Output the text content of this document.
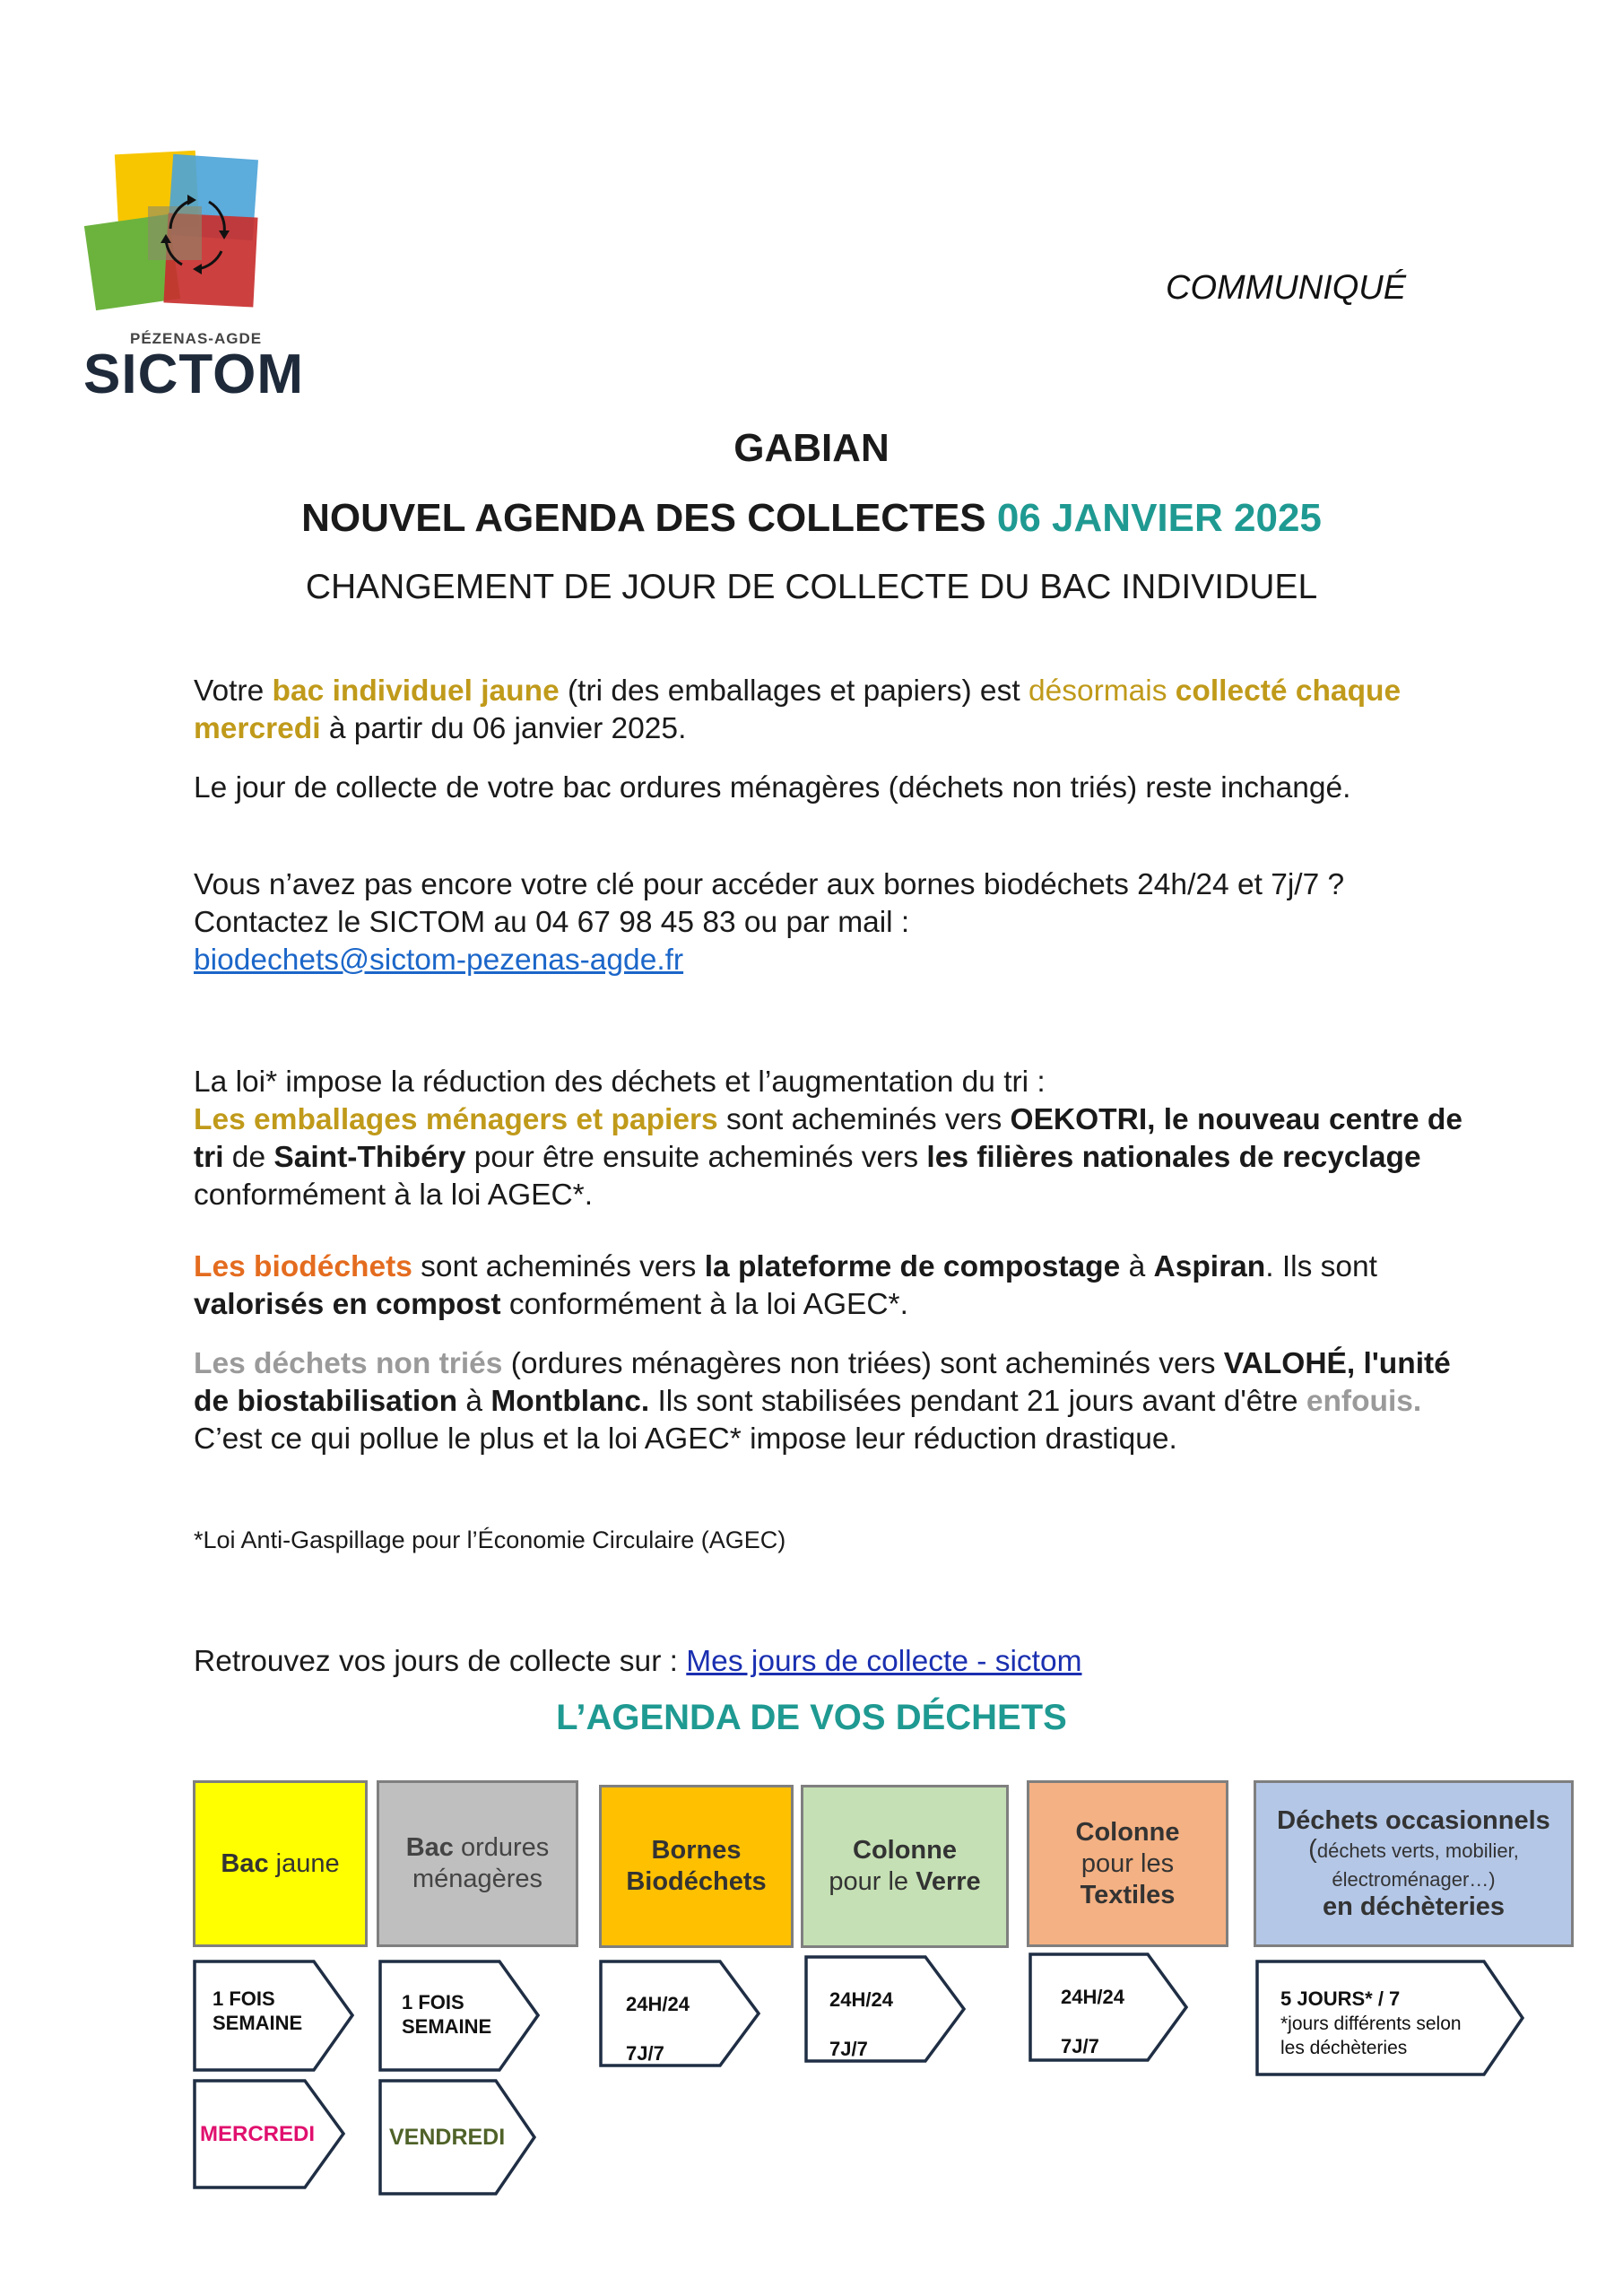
PÉZENAS-AGDE
SICTOM
COMMUNIQUÉ
GABIAN
NOUVEL AGENDA DES COLLECTES 06 JANVIER 2025
CHANGEMENT DE JOUR DE COLLECTE DU BAC INDIVIDUEL
Votre bac individuel jaune (tri des emballages et papiers) est désormais collecté chaque mercredi à partir du 06 janvier 2025.
Le jour de collecte de votre bac ordures ménagères (déchets non triés) reste inchangé.
Vous n’avez pas encore votre clé pour accéder aux bornes biodéchets 24h/24 et 7j/7 ? Contactez le SICTOM au 04 67 98 45 83 ou par mail :
biodechets@sictom-pezenas-agde.fr
La loi* impose la réduction des déchets et l’augmentation du tri :
Les emballages ménagers et papiers sont acheminés vers OEKOTRI, le nouveau centre de tri de Saint-Thibéry pour être ensuite acheminés vers les filières nationales de recyclage conformément à la loi AGEC*.
Les biodéchets sont acheminés vers la plateforme de compostage à Aspiran. Ils sont valorisés en compost conformément à la loi AGEC*.
Les déchets non triés (ordures ménagères non triées) sont acheminés vers VALOHÉ, l'unité de biostabilisation à Montblanc. Ils sont stabilisées pendant 21 jours avant d'être enfouis. C’est ce qui pollue le plus et la loi AGEC* impose leur réduction drastique.
*Loi Anti-Gaspillage pour l’Économie Circulaire (AGEC)
Retrouvez vos jours de collecte sur : Mes jours de collecte - sictom
L’AGENDA DE VOS DÉCHETS
Bac jaune
Bac ordures ménagères
Bornes Biodéchets
Colonne
pour le Verre
Colonne
pour les
Textiles
Déchets occasionnels (déchets verts, mobilier, électroménager…)
en déchèteries
1 FOIS
SEMAINE
1 FOIS
SEMAINE
24H/24
7J/7
24H/24
7J/7
24H/24
7J/7
5 JOURS* / 7
*jours différents selon les déchèteries
MERCREDI	VENDREDI
